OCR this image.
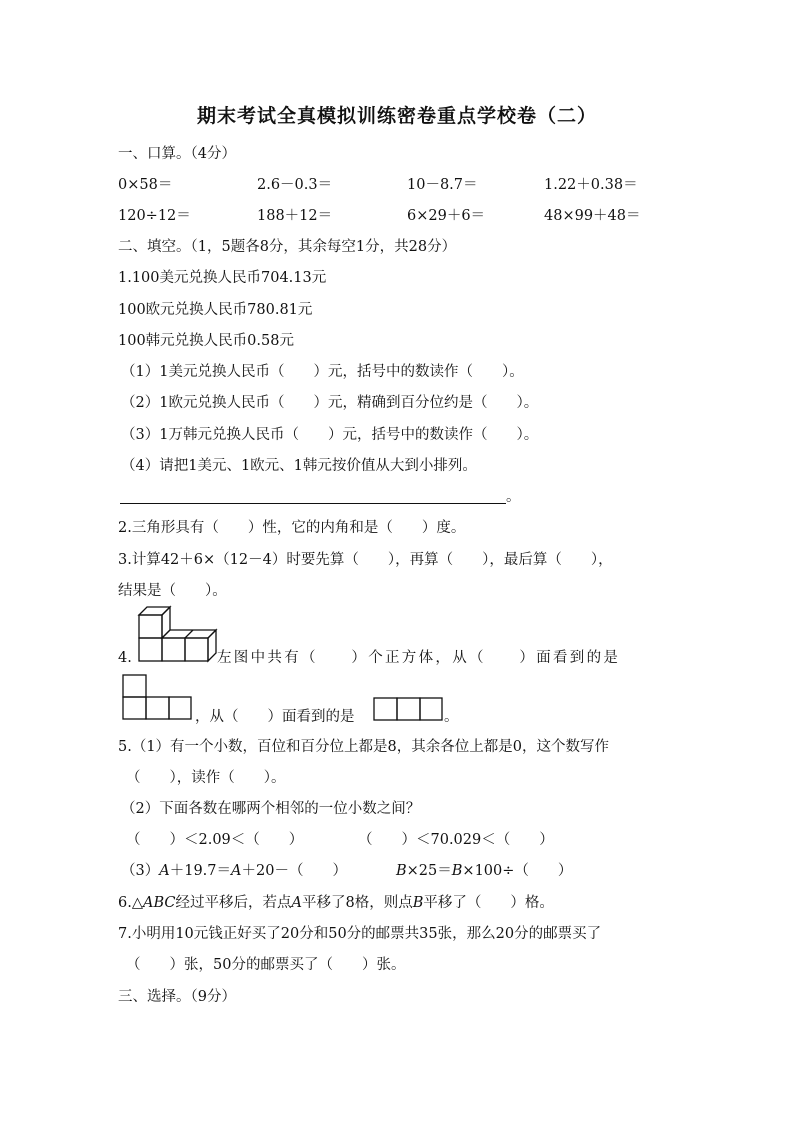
期末考试全真模拟训练密卷重点学校卷（二）
一、口算。（4分）
0×58＝	2.6－0.3＝	10－8.7＝	1.22＋0.38＝
120÷12＝	188＋12＝	6×29＋6＝	48×99＋48＝
二、填空。（1，5题各8分，其余每空1分，共28分）
1.100美元兑换人民币704.13元
100欧元兑换人民币780.81元
100韩元兑换人民币0.58元
（1）1美元兑换人民币（　　）元，括号中的数读作（　　）。
（2）1欧元兑换人民币（　　）元，精确到百分位约是（　　）。
（3）1万韩元兑换人民币（　　）元，括号中的数读作（　　）。
（4）请把1美元、1欧元、1韩元按价值从大到小排列。
。
2.三角形具有（　　）性，它的内角和是（　　）度。
3.计算42＋6×（12－4）时要先算（　　），再算（　　），最后算（　　），
结果是（　　）。
4.	左图中共有（　　）个正方体，从（　　）面看到的是
，从（　　）面看到的是	。
5.（1）有一个小数，百位和百分位上都是8，其余各位上都是0，这个数写作
（　　），读作（　　）。
（2）下面各数在哪两个相邻的一位小数之间？
（　　）＜2.09＜（　　）	（　　）＜70.029＜（　　）
（3）A＋19.7＝A＋20－（　　）	B×25＝B×100÷（　　）
6.△ABC经过平移后，若点A平移了8格，则点B平移了（　　）格。
7.小明用10元钱正好买了20分和50分的邮票共35张，那么20分的邮票买了
（　　）张，50分的邮票买了（　　）张。
三、选择。（9分）
